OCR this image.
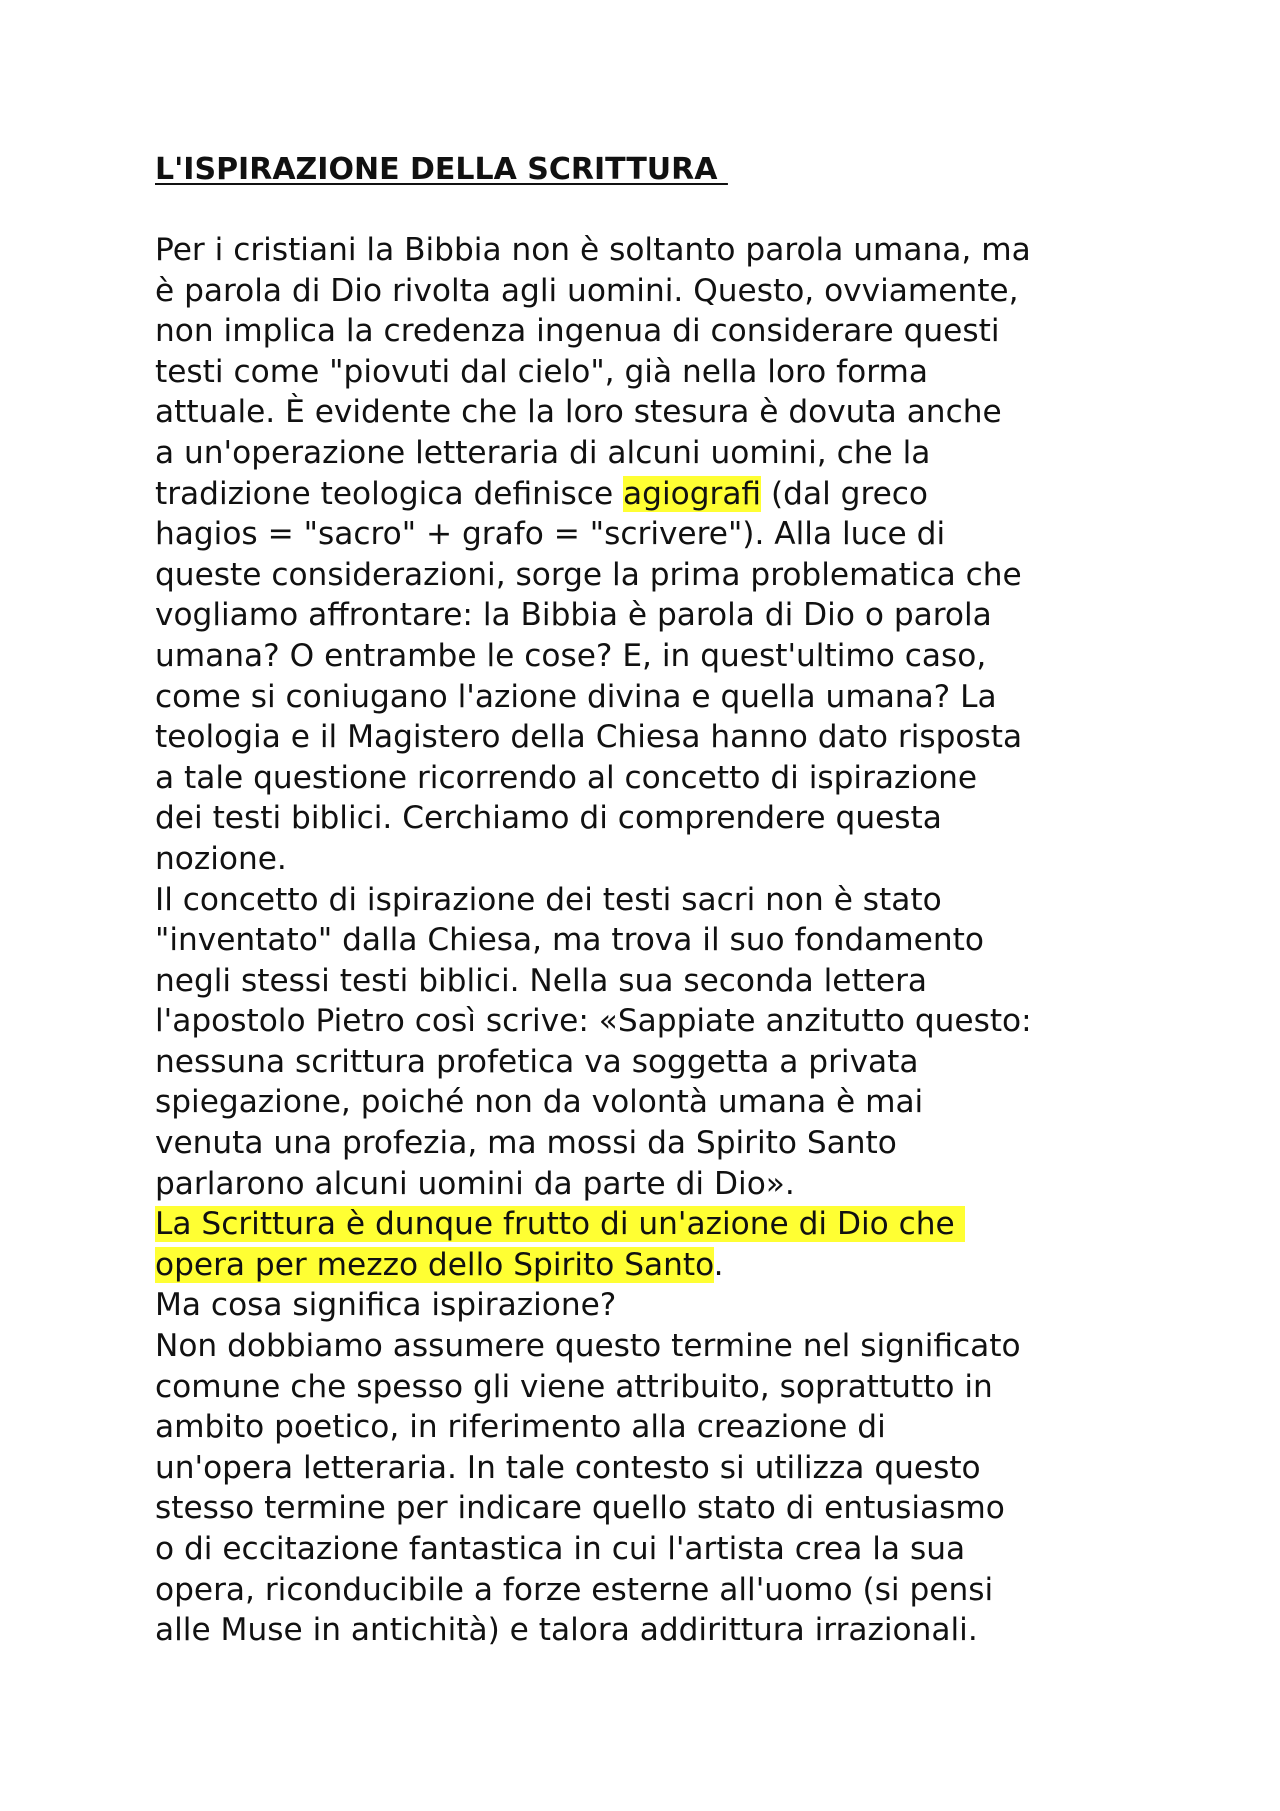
L'ISPIRAZIONE DELLA SCRITTURA
Per i cristiani la Bibbia non è soltanto parola umana, ma
è parola di Dio rivolta agli uomini. Questo, ovviamente,
non implica la credenza ingenua di considerare questi
testi come "piovuti dal cielo", già nella loro forma
attuale. È evidente che la loro stesura è dovuta anche
a un'operazione letteraria di alcuni uomini, che la
tradizione teologica definisce agiografi (dal greco
hagios = "sacro" + grafo = "scrivere"). Alla luce di
queste considerazioni, sorge la prima problematica che
vogliamo affrontare: la Bibbia è parola di Dio o parola
umana? O entrambe le cose? E, in quest'ultimo caso,
come si coniugano l'azione divina e quella umana? La
teologia e il Magistero della Chiesa hanno dato risposta
a tale questione ricorrendo al concetto di ispirazione
dei testi biblici. Cerchiamo di comprendere questa
nozione.
Il concetto di ispirazione dei testi sacri non è stato
"inventato" dalla Chiesa, ma trova il suo fondamento
negli stessi testi biblici. Nella sua seconda lettera
l'apostolo Pietro così scrive: «Sappiate anzitutto questo:
nessuna scrittura profetica va soggetta a privata
spiegazione, poiché non da volontà umana è mai
venuta una profezia, ma mossi da Spirito Santo
parlarono alcuni uomini da parte di Dio».
La Scrittura è dunque frutto di un'azione di Dio che
opera per mezzo dello Spirito Santo.
Ma cosa significa ispirazione?
Non dobbiamo assumere questo termine nel significato
comune che spesso gli viene attribuito, soprattutto in
ambito poetico, in riferimento alla creazione di
un'opera letteraria. In tale contesto si utilizza questo
stesso termine per indicare quello stato di entusiasmo
o di eccitazione fantastica in cui l'artista crea la sua
opera, riconducibile a forze esterne all'uomo (si pensi
alle Muse in antichità) e talora addirittura irrazionali.
